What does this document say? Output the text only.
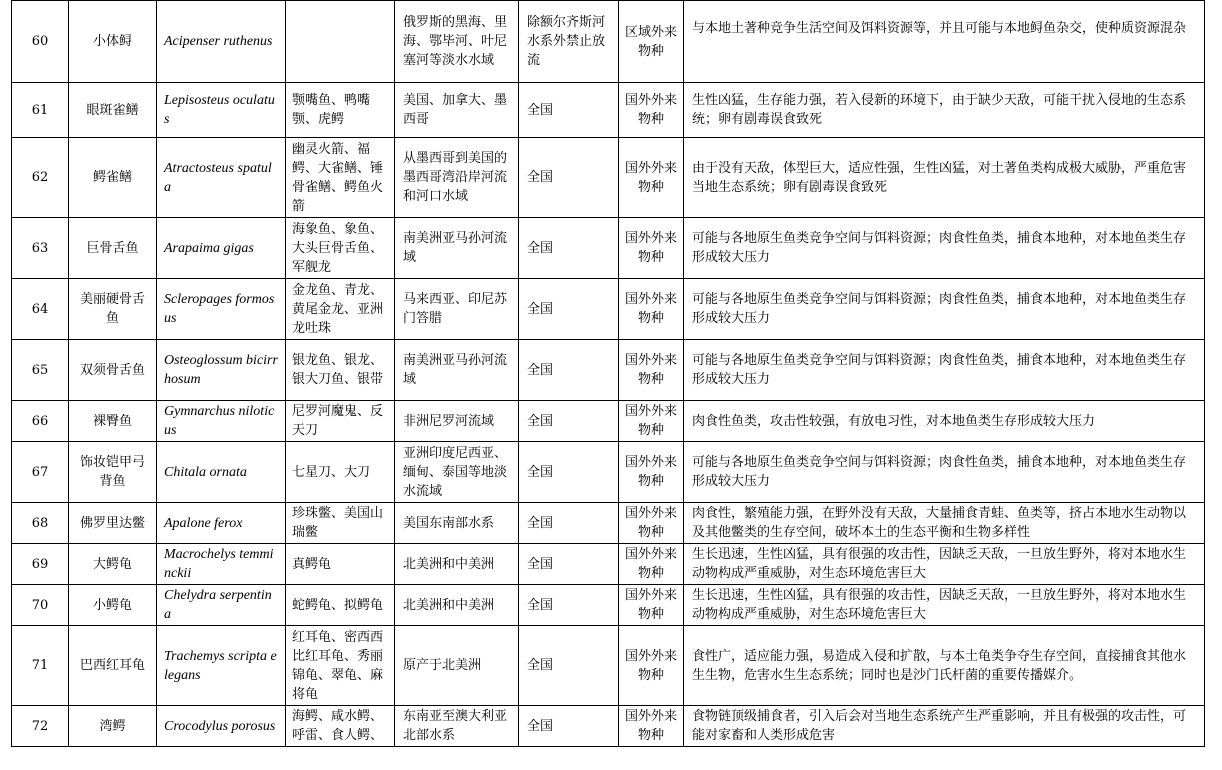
60	小体鲟	Acipenser ruthenus		俄罗斯的黑海、里海、鄂毕河、叶尼塞河等淡水水域	除额尔齐斯河水系外禁止放流	区域外来物种	与本地土著种竞争生活空间及饵料资源等，并且可能与本地鲟鱼杂交，使种质资源混杂
61	眼斑雀鳝	Lepisosteus oculatus	颚嘴鱼、鸭嘴颚、虎鳄	美国、加拿大、墨西哥	全国	国外外来物种	生性凶猛，生存能力强，若入侵新的环境下，由于缺少天敌，可能干扰入侵地的生态系统；卵有剧毒误食致死
62	鳄雀鳝	Atractosteus spatula	幽灵火箭、福鳄、大雀鳝、锤骨雀鳝、鳄鱼火箭	从墨西哥到美国的墨西哥湾沿岸河流和河口水域	全国	国外外来物种	由于没有天敌，体型巨大，适应性强，生性凶猛，对土著鱼类构成极大威胁，严重危害当地生态系统；卵有剧毒误食致死
63	巨骨舌鱼	Arapaima gigas	海象鱼、象鱼、大头巨骨舌鱼、军舰龙	南美洲亚马孙河流域	全国	国外外来物种	可能与各地原生鱼类竞争空间与饵料资源；肉食性鱼类，捕食本地种，对本地鱼类生存形成较大压力
64	美丽硬骨舌鱼	Scleropages formosus	金龙鱼、青龙、黄尾金龙、亚洲龙吐珠	马来西亚、印尼苏门答腊	全国	国外外来物种	可能与各地原生鱼类竞争空间与饵料资源；肉食性鱼类，捕食本地种，对本地鱼类生存形成较大压力
65	双须骨舌鱼	Osteoglossum bicirrhosum	银龙鱼、银龙、银大刀鱼、银带	南美洲亚马孙河流域	全国	国外外来物种	可能与各地原生鱼类竞争空间与饵料资源；肉食性鱼类，捕食本地种，对本地鱼类生存形成较大压力
66	裸臀鱼	Gymnarchus niloticus	尼罗河魔鬼、反天刀	非洲尼罗河流域	全国	国外外来物种	肉食性鱼类，攻击性较强，有放电习性，对本地鱼类生存形成较大压力
67	饰妆铠甲弓背鱼	Chitala ornata	七星刀、大刀	亚洲印度尼西亚、缅甸、泰国等地淡水流域	全国	国外外来物种	可能与各地原生鱼类竞争空间与饵料资源；肉食性鱼类，捕食本地种，对本地鱼类生存形成较大压力
68	佛罗里达鳖	Apalone ferox	珍珠鳖、美国山瑞鳖	美国东南部水系	全国	国外外来物种	肉食性，繁殖能力强，在野外没有天敌，大量捕食青蛙、鱼类等，挤占本地水生动物以及其他鳖类的生存空间，破坏本土的生态平衡和生物多样性
69	大鳄龟	Macrochelys temminckii	真鳄龟	北美洲和中美洲	全国	国外外来物种	生长迅速，生性凶猛，具有很强的攻击性，因缺乏天敌，一旦放生野外，将对本地水生动物构成严重威胁，对生态环境危害巨大
70	小鳄龟	Chelydra serpentina	蛇鳄龟、拟鳄龟	北美洲和中美洲	全国	国外外来物种	生长迅速，生性凶猛，具有很强的攻击性，因缺乏天敌，一旦放生野外，将对本地水生动物构成严重威胁，对生态环境危害巨大
71	巴西红耳龟	Trachemys scripta elegans	红耳龟、密西西比红耳龟、秀丽锦龟、翠龟、麻将龟	原产于北美洲	全国	国外外来物种	食性广，适应能力强，易造成入侵和扩散，与本土龟类争夺生存空间，直接捕食其他水生生物，危害水生生态系统；同时也是沙门氏杆菌的重要传播媒介。
72	湾鳄	Crocodylus porosus	海鳄、咸水鳄、呼雷、食人鳄、	东南亚至澳大利亚北部水系	全国	国外外来物种	食物链顶级捕食者，引入后会对当地生态系统产生严重影响，并且有极强的攻击性，可能对家畜和人类形成危害
